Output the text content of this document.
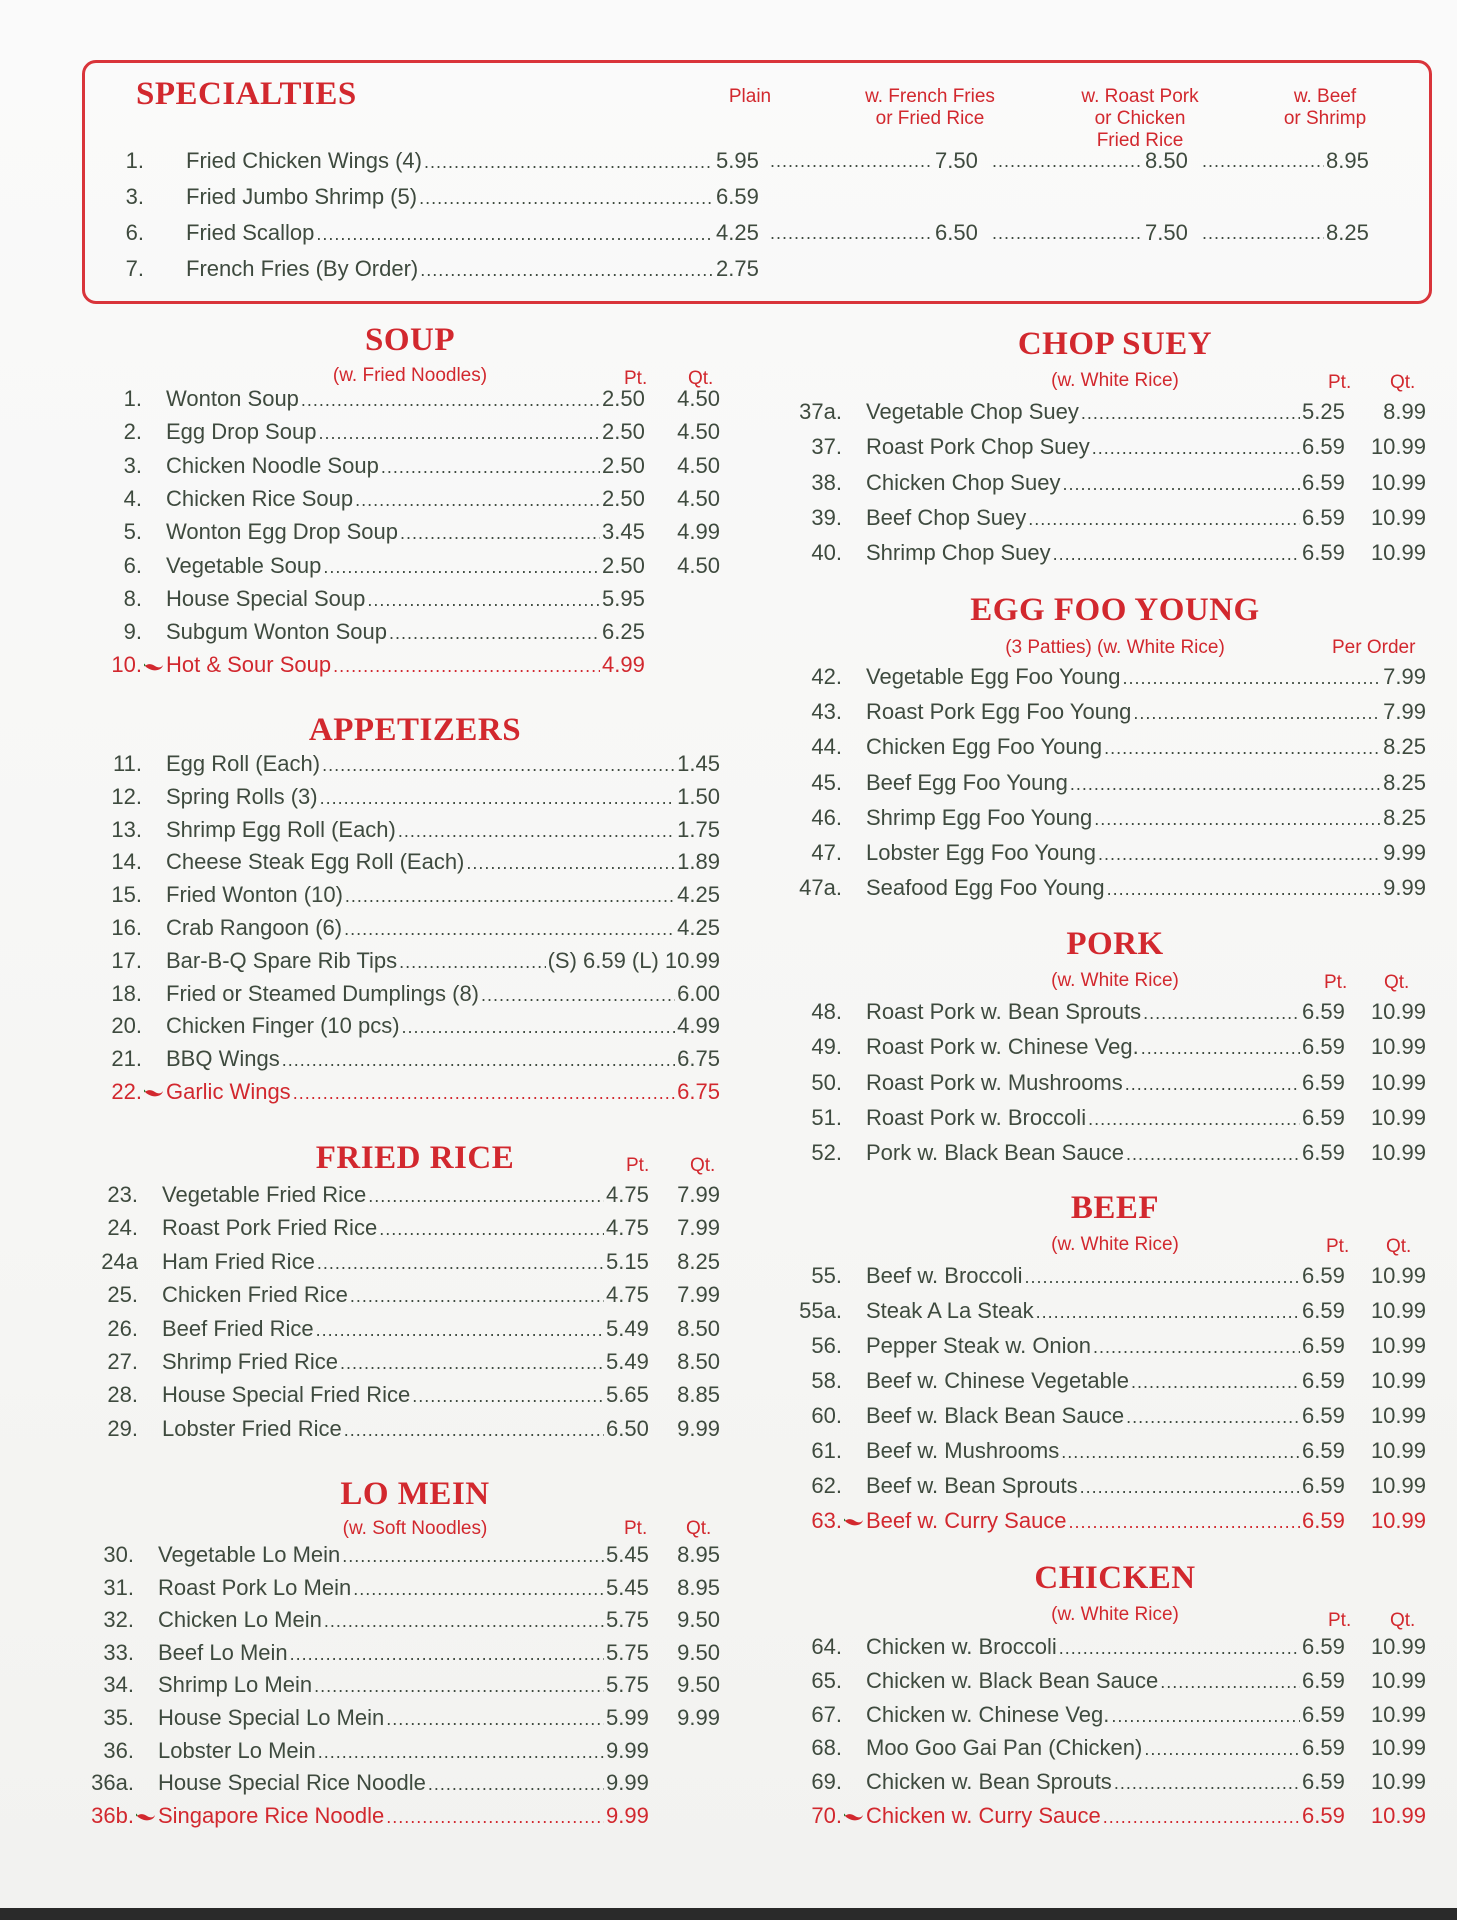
SPECIALTIES	Plain	w. French Fries
or Fried Rice
w. Roast Pork
or Chicken
Fried Rice
w. Beef
or Shrimp
1. Fried Chicken Wings (4) .....	5.95	7.50 .....	8.50 .....	8.95
.....
3. Fried Jumbo Shrimp (5) .....	6.59
6. Fried Scallop .....	4.25	6.50 .....	7.50 .....	8.25
.....
7. French Fries (By Order) .....	2.75
SOUP
(w. Fried Noodles)	Pt. Qt.
1. Wonton Soup .....	2.50	4.50
2. Egg Drop Soup .....	2.50	4.50
3. Chicken Noodle Soup .....	2.50	4.50
4. Chicken Rice Soup .....	2.50	4.50
5. Wonton Egg Drop Soup .....	3.45	4.99
6. Vegetable Soup .....	2.50	4.50
8. House Special Soup .....	5.95
9. Subgum Wonton Soup .....	6.25
10. Hot & Sour Soup .....	4.99
APPETIZERS
11. Egg Roll (Each) .....	1.45
12. Spring Rolls (3) .....	1.50
13. Shrimp Egg Roll (Each) .....	1.75
14. Cheese Steak Egg Roll (Each) .....	1.89
15. Fried Wonton (10) .....	4.25
16. Crab Rangoon (6) .....	4.25
17. Bar-B-Q Spare Rib Tips .....	(S) 6.59 (L) 10.99
18. Fried or Steamed Dumplings (8) .....	6.00
20. Chicken Finger (10 pcs) .....	4.99
21. BBQ Wings .....	6.75
22. Garlic Wings .....	6.75
FRIED RICE	Pt. Qt.
23. Vegetable Fried Rice .....	4.75	7.99
24. Roast Pork Fried Rice .....	4.75	7.99
24a Ham Fried Rice .....	5.15	8.25
25. Chicken Fried Rice .....	4.75	7.99
26. Beef Fried Rice .....	5.49	8.50
27. Shrimp Fried Rice .....	5.49	8.50
28. House Special Fried Rice .....	5.65	8.85
29. Lobster Fried Rice .....	6.50	9.99
LO MEIN
(w. Soft Noodles)	Pt. Qt.
30. Vegetable Lo Mein .....	5.45	8.95
31. Roast Pork Lo Mein .....	5.45	8.95
32. Chicken Lo Mein .....	5.75	9.50
33. Beef Lo Mein .....	5.75	9.50
34. Shrimp Lo Mein .....	5.75	9.50
35. House Special Lo Mein .....	5.99	9.99
36. Lobster Lo Mein .....	9.99
36a. House Special Rice Noodle .....	9.99
36b. Singapore Rice Noodle .....	9.99
CHOP SUEY
(w. White Rice)	Pt. Qt.
37a. Vegetable Chop Suey .....	5.25	8.99
37. Roast Pork Chop Suey .....	6.59	10.99
38. Chicken Chop Suey .....	6.59	10.99
39. Beef Chop Suey .....	6.59	10.99
40. Shrimp Chop Suey .....	6.59	10.99
EGG FOO YOUNG
(3 Patties) (w. White Rice)	Per Order
42. Vegetable Egg Foo Young .....	7.99
43. Roast Pork Egg Foo Young .....	7.99
44. Chicken Egg Foo Young .....	8.25
45. Beef Egg Foo Young .....	8.25
46. Shrimp Egg Foo Young .....	8.25
47. Lobster Egg Foo Young .....	9.99
47a. Seafood Egg Foo Young .....	9.99
PORK
(w. White Rice)	Pt. Qt.
48. Roast Pork w. Bean Sprouts .....	6.59	10.99
49. Roast Pork w. Chinese Veg. .....	6.59	10.99
50. Roast Pork w. Mushrooms .....	6.59	10.99
51. Roast Pork w. Broccoli .....	6.59	10.99
52. Pork w. Black Bean Sauce .....	6.59	10.99
BEEF
(w. White Rice)	Pt. Qt.
55. Beef w. Broccoli .....	6.59	10.99
55a. Steak A La Steak .....	6.59	10.99
56. Pepper Steak w. Onion .....	6.59	10.99
58. Beef w. Chinese Vegetable .....	6.59	10.99
60. Beef w. Black Bean Sauce .....	6.59	10.99
61. Beef w. Mushrooms .....	6.59	10.99
62. Beef w. Bean Sprouts .....	6.59	10.99
63. Beef w. Curry Sauce .....	6.59	10.99
CHICKEN
(w. White Rice)	Pt. Qt.
64. Chicken w. Broccoli .....	6.59	10.99
65. Chicken w. Black Bean Sauce .....	6.59	10.99
67. Chicken w. Chinese Veg. .....	6.59	10.99
68. Moo Goo Gai Pan (Chicken) .....	6.59	10.99
69. Chicken w. Bean Sprouts .....	6.59	10.99
70. Chicken w. Curry Sauce .....	6.59	10.99
